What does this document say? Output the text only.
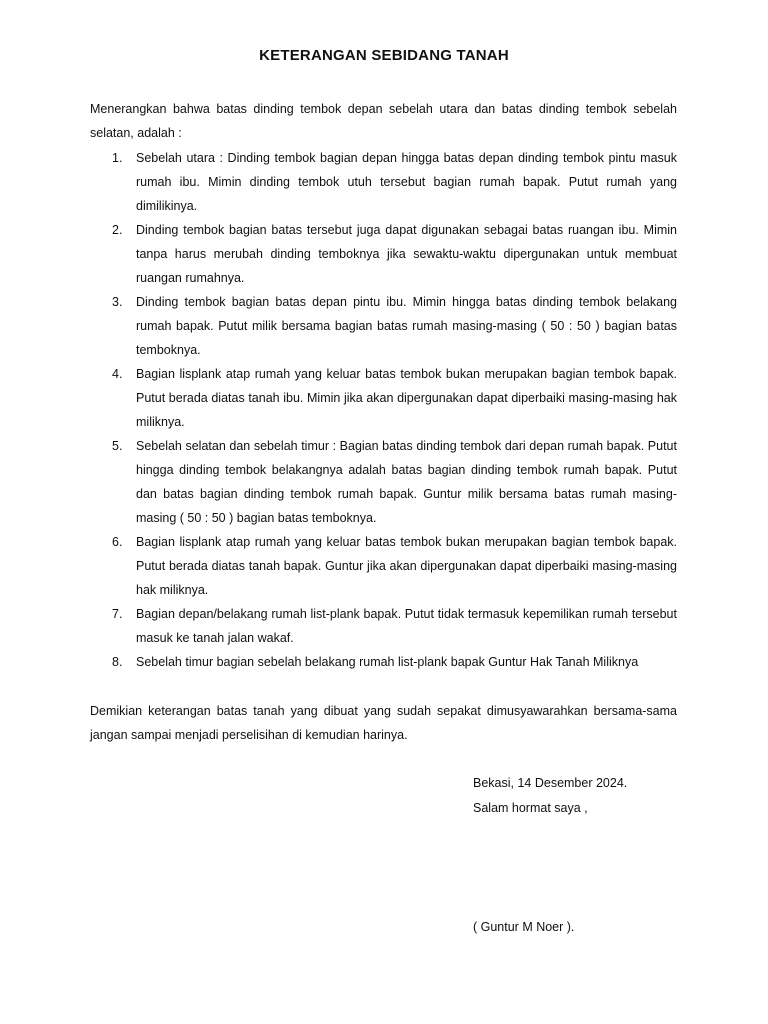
KETERANGAN SEBIDANG TANAH
Menerangkan bahwa batas dinding tembok depan sebelah utara dan batas dinding tembok sebelah selatan, adalah :
1. Sebelah utara : Dinding tembok bagian depan hingga batas depan dinding tembok pintu masuk rumah ibu. Mimin dinding tembok utuh tersebut bagian rumah bapak. Putut rumah yang dimilikinya.
2. Dinding tembok bagian batas tersebut juga dapat digunakan sebagai batas ruangan ibu. Mimin tanpa harus merubah dinding temboknya jika sewaktu-waktu dipergunakan untuk membuat ruangan rumahnya.
3. Dinding tembok bagian batas depan pintu ibu. Mimin hingga batas dinding tembok belakang rumah bapak. Putut milik bersama bagian batas rumah masing-masing ( 50 : 50 ) bagian batas temboknya.
4. Bagian lisplank atap rumah yang keluar batas tembok bukan merupakan bagian tembok bapak. Putut berada diatas tanah ibu. Mimin jika akan dipergunakan dapat diperbaiki masing-masing hak miliknya.
5. Sebelah selatan dan sebelah timur : Bagian batas dinding tembok dari depan rumah bapak. Putut hingga dinding tembok belakangnya adalah batas bagian dinding tembok rumah bapak. Putut dan batas bagian dinding tembok rumah bapak. Guntur milik bersama batas rumah masing-masing ( 50 : 50 ) bagian batas temboknya.
6. Bagian lisplank atap rumah yang keluar batas tembok bukan merupakan bagian tembok bapak. Putut berada diatas tanah bapak. Guntur jika akan dipergunakan dapat diperbaiki masing-masing hak miliknya.
7. Bagian depan/belakang rumah list-plank bapak. Putut tidak termasuk kepemilikan rumah tersebut masuk ke tanah jalan wakaf.
8. Sebelah timur bagian sebelah belakang rumah list-plank bapak Guntur Hak Tanah Miliknya
Demikian keterangan batas tanah yang dibuat yang sudah sepakat dimusyawarahkan bersama-sama jangan sampai menjadi perselisihan di kemudian harinya.
Bekasi, 14 Desember 2024.
Salam hormat saya ,
( Guntur M Noer ).
